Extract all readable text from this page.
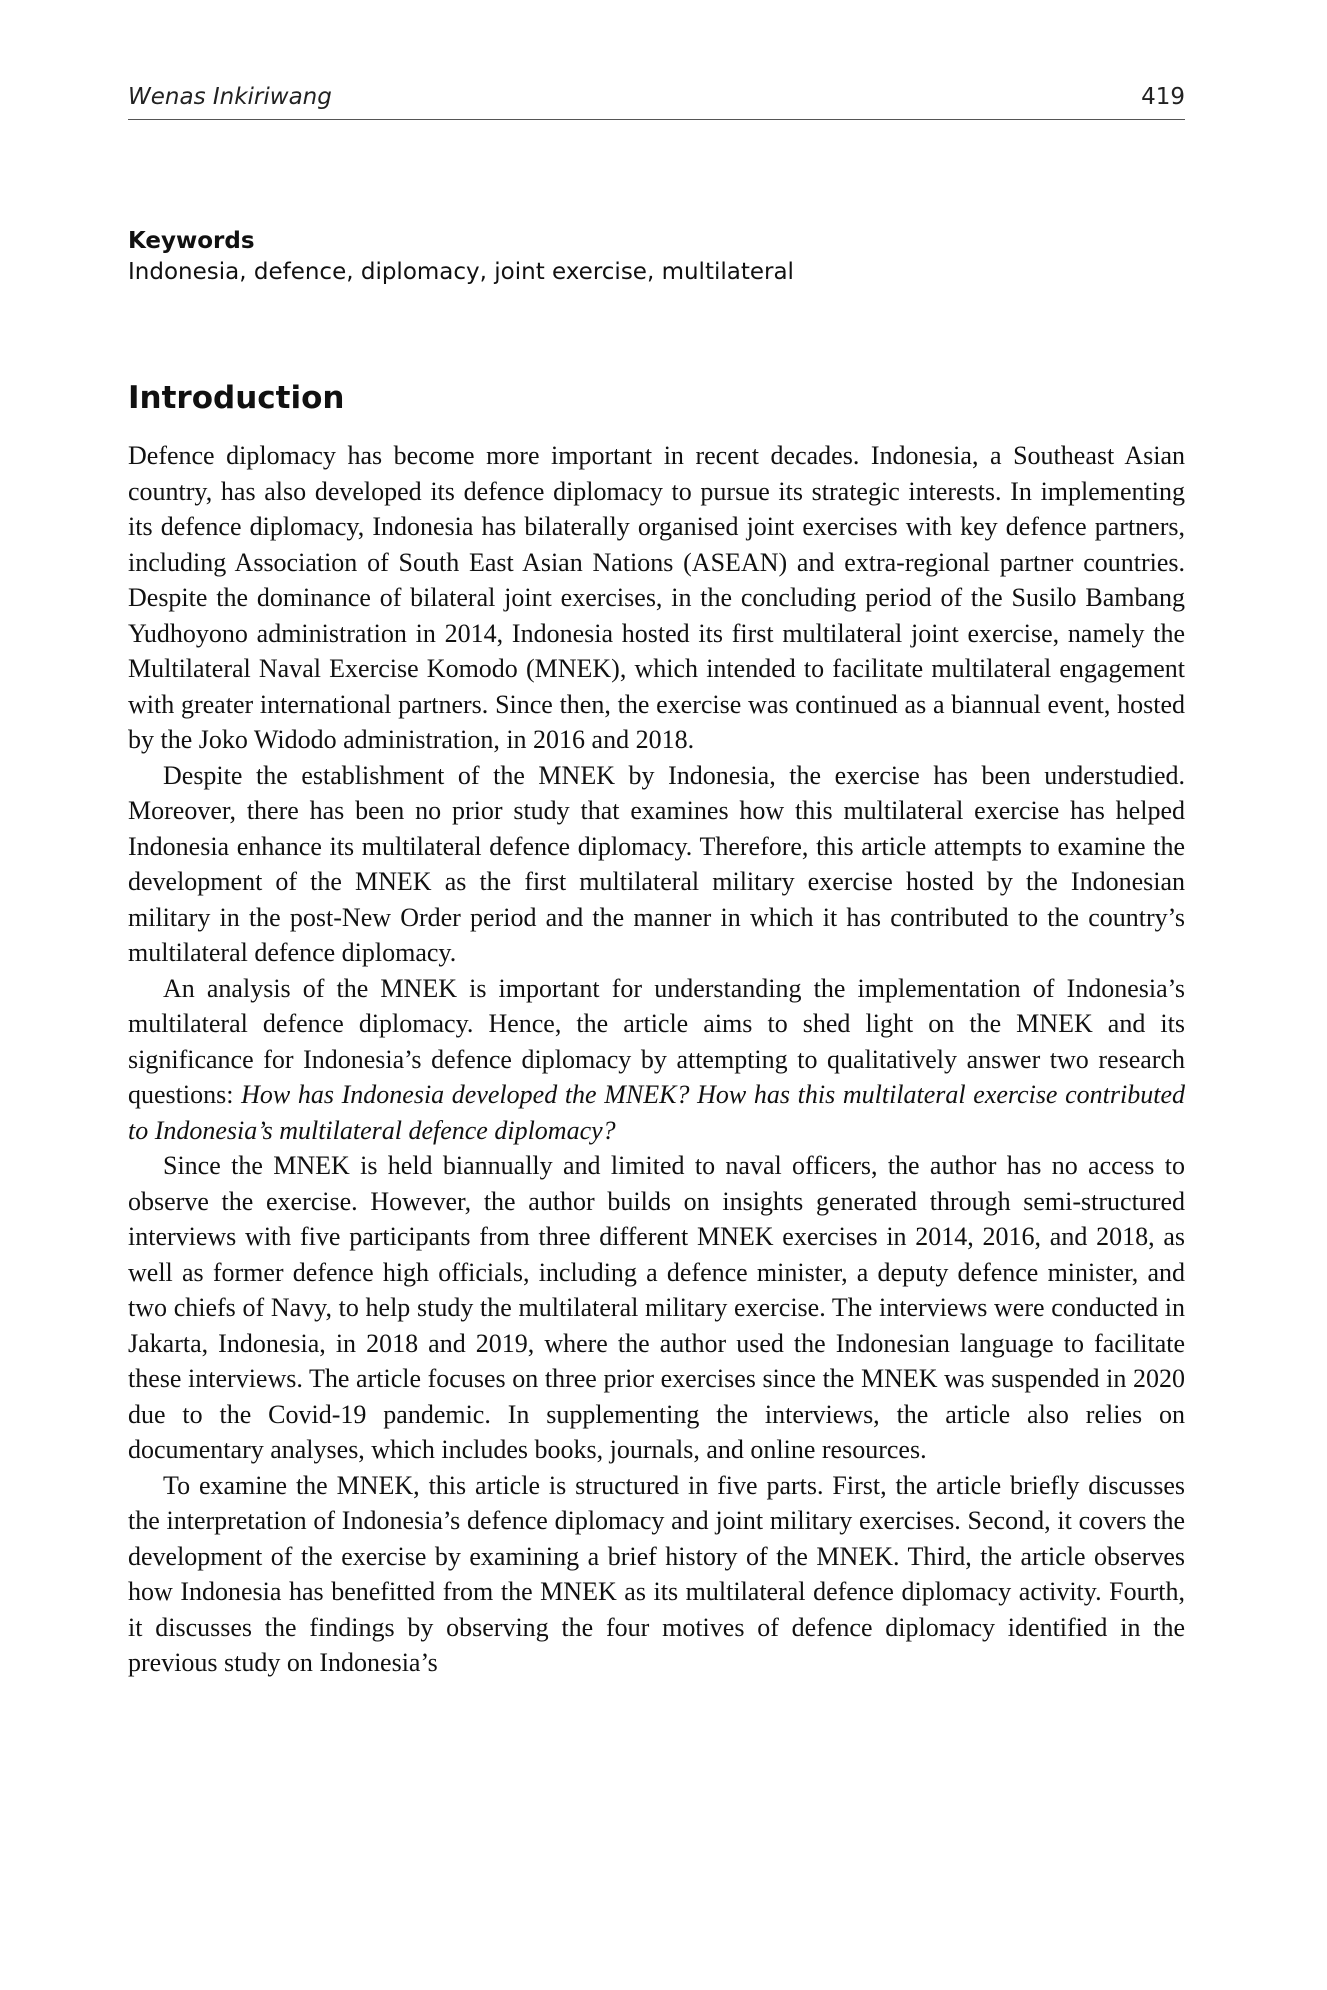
Wenas Inkiriwang	419

Keywords

Indonesia, defence, diplomacy, joint exercise, multilateral

Introduction

Defence diplomacy has become more important in recent decades. Indonesia, a Southeast Asian country, has also developed its defence diplomacy to pursue its strategic interests. In implementing its defence diplomacy, Indonesia has bilaterally organised joint exercises with key defence partners, including Association of South East Asian Nations (ASEAN) and extra-regional partner countries. Despite the dominance of bilateral joint exercises, in the concluding period of the Susilo Bambang Yudhoyono administration in 2014, Indonesia hosted its first multilateral joint exercise, namely the Multilateral Naval Exercise Komodo (MNEK), which intended to facilitate multilateral engagement with greater international partners. Since then, the exercise was continued as a biannual event, hosted by the Joko Widodo administration, in 2016 and 2018.

Despite the establishment of the MNEK by Indonesia, the exercise has been understudied. Moreover, there has been no prior study that examines how this multilateral exercise has helped Indonesia enhance its multilateral defence diplomacy. Therefore, this article attempts to examine the development of the MNEK as the first multilateral military exercise hosted by the Indonesian military in the post-New Order period and the manner in which it has contributed to the country’s multilateral defence diplomacy.

An analysis of the MNEK is important for understanding the implementation of Indonesia’s multilateral defence diplomacy. Hence, the article aims to shed light on the MNEK and its significance for Indonesia’s defence diplomacy by attempting to qualitatively answer two research questions: How has Indonesia developed the MNEK? How has this multilateral exercise contributed to Indonesia’s multilateral defence diplomacy?

Since the MNEK is held biannually and limited to naval officers, the author has no access to observe the exercise. However, the author builds on insights generated through semi-structured interviews with five participants from three different MNEK exercises in 2014, 2016, and 2018, as well as former defence high officials, including a defence minister, a deputy defence minister, and two chiefs of Navy, to help study the multilateral military exercise. The interviews were conducted in Jakarta, Indonesia, in 2018 and 2019, where the author used the Indonesian language to facilitate these interviews. The article focuses on three prior exercises since the MNEK was suspended in 2020 due to the Covid-19 pandemic. In supplementing the interviews, the article also relies on documentary analyses, which includes books, journals, and online resources.

To examine the MNEK, this article is structured in five parts. First, the article briefly discusses the interpretation of Indonesia’s defence diplomacy and joint military exercises. Second, it covers the development of the exercise by examining a brief history of the MNEK. Third, the article observes how Indonesia has benefitted from the MNEK as its multilateral defence diplomacy activity. Fourth, it discusses the findings by observing the four motives of defence diplomacy identified in the previous study on Indonesia’s
